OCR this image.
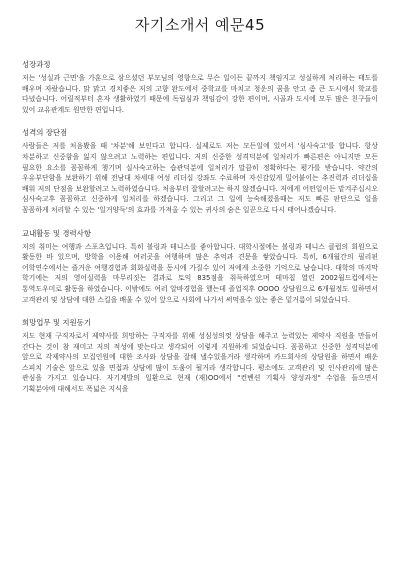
자기소개서 예문45
성장과정

저는 '성실과 근면'을 가훈으로 삼으셨던 부모님의 영향으로 무슨 일이든 끝까지 책임지고 성실하게 처리하는 태도를 배우며 자랐습니다. 맑 맑고 경치좋은 저의 고향 완도에서 중학교를 마치고 청운의 꿈을 안고 좀 큰 도시에서 학교를 다녔습니다. 어릴적부터 혼자 생활하였기 때문에 독립심과 책임감이 강한 편이며, 시골과 도시에 모두 많은 친구들이 있어 교유관계도 원만한 편입니다.

성격의 장단점

사람들은 저를 처음봤을 때 '차분'해 보인다고 합니다. 실제로도 저는 모든일에 있어서 '심사숙고'를 합니다. 항상 차분하고 신중함을 잃지 않으려고 노력하는 편입니다. 저의 신중한 성격덕분에 일처리가 빠른편은 아니지만 모든 필요한 요소를 꼼꼼하게 챙기며 실사숙고하는 습관덕분에 일처리가 말끔히 정확하다는 평가를 받습니다. 약간의 우유부단함을 보완하기 위해 전남대 차세대 여성 리더십 강좌도 수료하며 자신감있게 밀어붙이는 추진력과 리더십을 배워 저의 단점을 보완할려고 노력하였습니다. 처음부터 잘할려고는 하지 않겠습니다. 저에게 어떤일이든 맡겨주십시오 심사숙고후 꼼꼼하고 신중하게 일처리를 하겠습니다. 그리고 그 일에 능숙해졌을때는 저도 빠른 판단으로 일을 꼼꼼하게 처리할 수 있는 '일거양득'의 효과를 가져올 수 있는 귀사의 숨은 일꾼으로 다시 태어나겠습니다.

교내활동 및 경력사항

저의 취미는 여행과 스포츠입니다. 특히 볼링과 테니스를 좋아합니다. 대학시절에는 볼링과 테니스 클럽의 회원으로 활동한 바 있으며, 방학을 이용해 여러곳을 여행하며 많은 추억과 견문을 쌓았습니다. 특히, 6개월간의 필리핀 어학연수에서는 즐거운 여행경험과 회화실력을 동시에 가질수 있어 저에게 소중한 기억으로 남습니다. 대학의 마지막 학기에는 저의 영어실력을 마무리짓는 결과로 토익 835점을 취득하였으며 테마칩 열린 2002월드컵에서는 통역도우미로 활동을 하였습니다. 이밖에도 여러 알바경험을 했는데 졸업직후 OOOO 상담원으로 6개월정도 일하면서 고객관리 및 상담에 대한 스킬을 배울 수 있어 앞으로 사회에 나가서 써먹을수 있는 좋은 밑거름이 되었습니다.

희망업무 및 지원동기

저도 현재 구직자로서 제약사를 희망하는 구직자를 위해 성심성의껏 상담을 해주고 능력있는 제약사 직원을 만들어 간다는 것이 참 재미고 저의 적성에 맞는다고 생각되어 이렇게 지원하게 되었습니다. 꼼꼼하고 신중한 성격덕분에 앞으로 각제약사의 모집인원에 대한 조사와 상담을 잘해 낼수있을거라 생각하며 카드회사의 상담원을 하면서 배운 스피치 기술은 앞으로 있을 면접과 상담에 많이 도움이 될거라 생각합니다. 평소에도 고객관리 및 인사관리에 많은 관심을 가지고 있습니다. 자기계발의 일환으로 현재 (재)OO에서 "컨벤션 기획사 양성과정" 수업을 들으면서 기획분야에 대해서도 폭넓은 지식을
